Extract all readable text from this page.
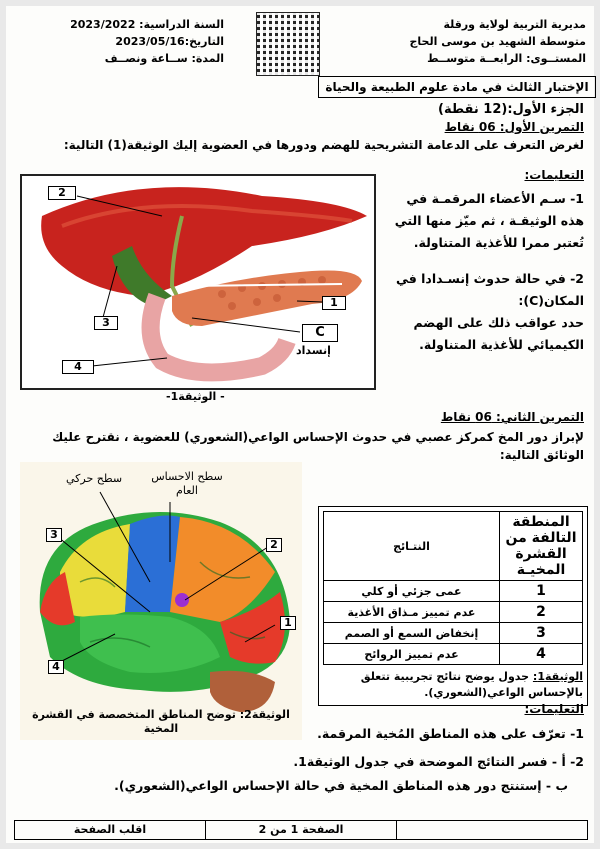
مديرية التربية لولاية ورقلة
متوسطة الشهيد بن موسى الحاج
المستــوى: الرابعــة متوســط
السنة الدراسية: 2023/2022
التاريخ:2023/05/16
المدة: ســاعة ونصــف
الإختبار الثالث في مادة علوم الطبيعة والحياة
الجزء الأول:(12 نقطة)
التمرين الأول: 06 نقاط
لغرض التعرف على الدعامة التشريحية للهضم ودورها في العضوية إليك الوثيقة(1) التالية:
التعليمات:
1- سـم الأعضاء المرقمـة في هذه الوثيقـة ، ثم ميّز منها التي تُعتبر ممرا للأغذية المتناولة.
2- في حالة حدوث إنسـدادا في المكان(C):
حدد عواقب ذلك على الهضم الكيميائي للأغذية المتناولة.
2
3
1
C
إنسداد
4
- الوثيقة1-
التمرين الثاني: 06 نقاط
لإبراز دور المخ كمركز عصبي في حدوث الإحساس الواعي(الشعوري) للعضوية ، نقترح عليك الوثائق التالية:
سطح حركي	سطح الاحساس العام
3
2
1
4
الوثيقة2: توضح المناطق المتخصصة في القشرة المخية
المنطقة التالفة من القشرة المخيـة	النتـائج
1	عمى جزئي أو كلي
2	عدم تمييز مـذاق الأغذية
3	إنخفاض السمع أو الصمم
4	عدم تمييز الروائح
الوثيقة1: جدول يوضح نتائج تجريبية تتعلق بالإحساس الواعي(الشعوري).
التعليمات:
1- تعرّف على هذه المناطق المُخية المرقمة.
2- أ - فسر النتائج الموضحة في جدول الوثيقة1.
ب - إستنتج دور هذه المناطق المخية في حالة الإحساس الواعي(الشعوري).
الصفحة 1 من 2
اقلب الصفحة
